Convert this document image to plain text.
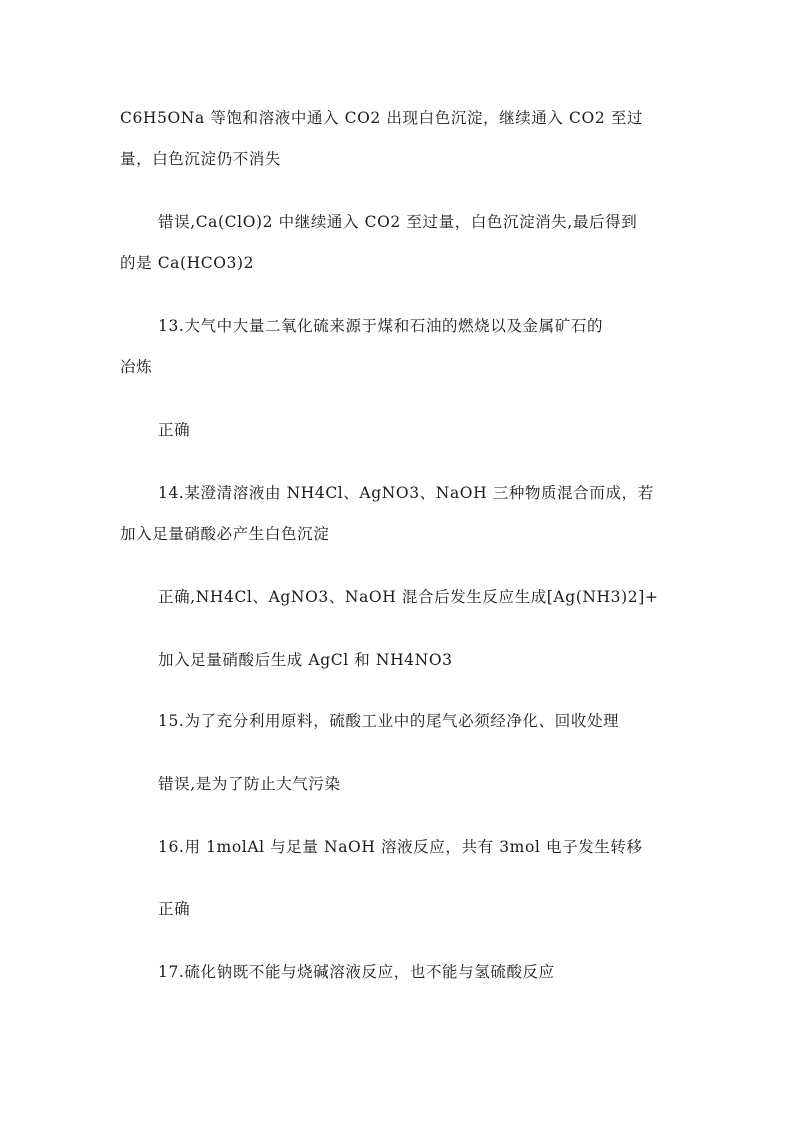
C6H5ONa 等饱和溶液中通入 CO2 出现白色沉淀，继续通入 CO2 至过
量，白色沉淀仍不消失
错误,Ca(ClO)2 中继续通入 CO2 至过量，白色沉淀消失,最后得到
的是 Ca(HCO3)2
13.大气中大量二氧化硫来源于煤和石油的燃烧以及金属矿石的
冶炼
正确
14.某澄清溶液由 NH4Cl、AgNO3、NaOH 三种物质混合而成，若
加入足量硝酸必产生白色沉淀
正确,NH4Cl、AgNO3、NaOH 混合后发生反应生成[Ag(NH3)2]+
加入足量硝酸后生成 AgCl 和 NH4NO3
15.为了充分利用原料，硫酸工业中的尾气必须经净化、回收处理
错误,是为了防止大气污染
16.用 1molAl 与足量 NaOH 溶液反应，共有 3mol 电子发生转移
正确
17.硫化钠既不能与烧碱溶液反应，也不能与氢硫酸反应
